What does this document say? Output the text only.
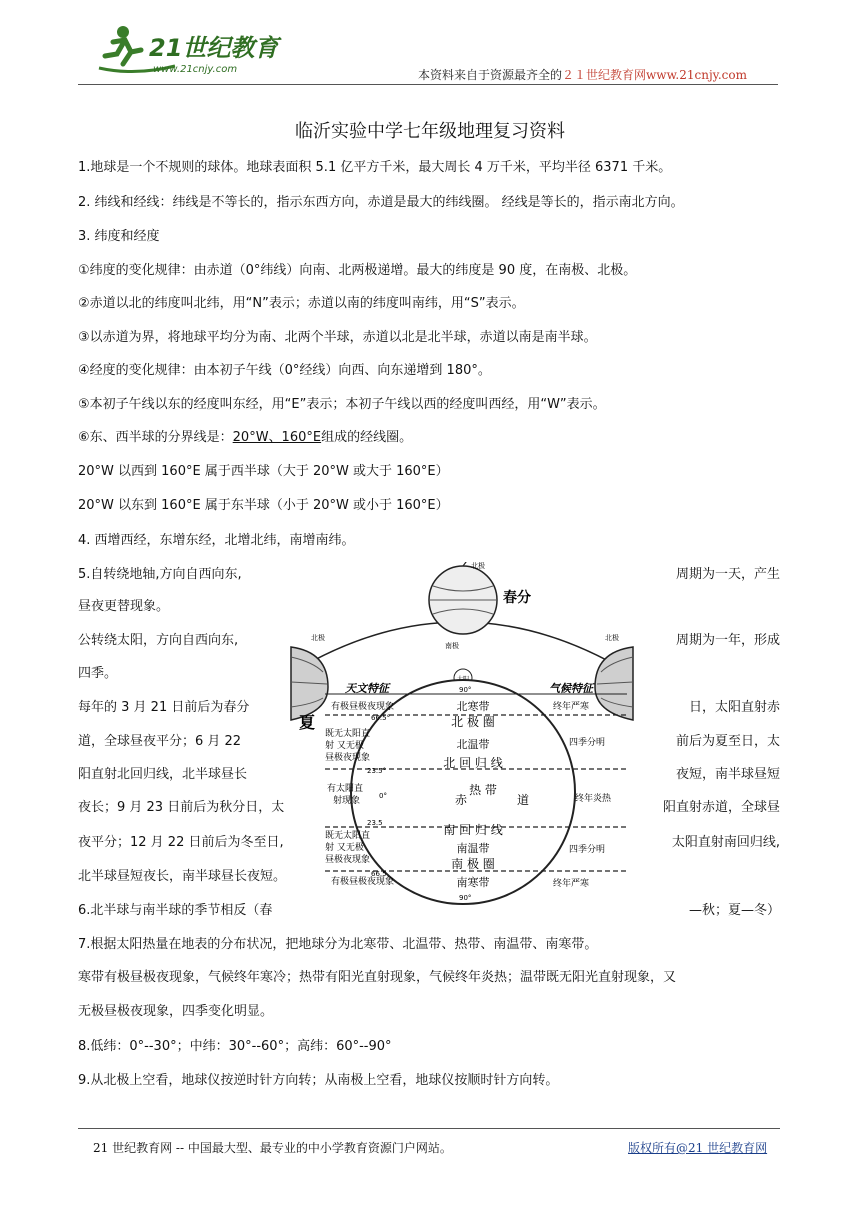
21世纪教育
www.21cnjy.com	本资料来自于资源最齐全的２１世纪教育网www.21cnjy.com
临沂实验中学七年级地理复习资料
1.地球是一个不规则的球体。地球表面积 5.1 亿平方千米，最大周长 4 万千米，平均半径 6371 千米。
2. 纬线和经线：纬线是不等长的，指示东西方向，赤道是最大的纬线圈。 经线是等长的，指示南北方向。
3. 纬度和经度
①纬度的变化规律：由赤道（0°纬线）向南、北两极递增。最大的纬度是 90 度，在南极、北极。
②赤道以北的纬度叫北纬，用“N”表示；赤道以南的纬度叫南纬，用“S”表示。
③以赤道为界，将地球平均分为南、北两个半球，赤道以北是北半球，赤道以南是南半球。
④经度的变化规律：由本初子午线（0°经线）向西、向东递增到 180°。
⑤本初子午线以东的经度叫东经，用“E”表示；本初子午线以西的经度叫西经，用“W”表示。
⑥东、西半球的分界线是：20°W、160°E组成的经线圈。
20°W 以西到 160°E 属于西半球（大于 20°W 或大于 160°E）
20°W 以东到 160°E 属于东半球（小于 20°W 或小于 160°E）
4. 西增西经，东增东经，北增北纬，南增南纬。
5.自转绕地轴,方向自西向东,	周期为一天，产生
昼夜更替现象。
公转绕太阳，方向自西向东,	周期为一年，形成
四季。
每年的 3 月 21 日前后为春分	日，太阳直射赤
道，全球昼夜平分；6 月 22	前后为夏至日，太
阳直射北回归线，北半球昼长	夜短，南半球昼短
夜长；9 月 23 日前后为秋分日，太	阳直射赤道，全球昼
夜平分；12 月 22 日前后为冬至日,	太阳直射南回归线,
北半球昼短夜长，南半球昼长夜短。
6.北半球与南半球的季节相反（春	—秋；夏—冬）
7.根据太阳热量在地表的分布状况，把地球分为北寒带、北温带、热带、南温带、南寒带。
寒带有极昼极夜现象，气候终年寒冷；热带有阳光直射现象，气候终年炎热；温带既无阳光直射现象，又
无极昼极夜现象，四季变化明显。
8.低纬：0°--30°；中纬：30°--60°；高纬：60°--90°
9.从北极上空看，地球仪按逆时针方向转；从南极上空看，地球仪按顺时针方向转。
北极
春分
南极
北极	北极
夏
天文特征	气候特征
90°
66.5°
23.5°
0°
23.5
66.5
90°
北寒带
北 极 圈
北温带
北 回 归 线
热 带
赤	道
南 回 归 线
南温带
南 极 圈
南寒带
有极昼极夜现象
既无太阳直
射 又无极
昼极夜现象
有太阳直
射现象
既无太阳直
射 又无极
昼极夜现象
有极昼极夜现象
终年严寒
四季分明
终年炎热
四季分明
终年严寒
21 世纪教育网 -- 中国最大型、最专业的中小学教育资源门户网站。	版权所有@21 世纪教育网
